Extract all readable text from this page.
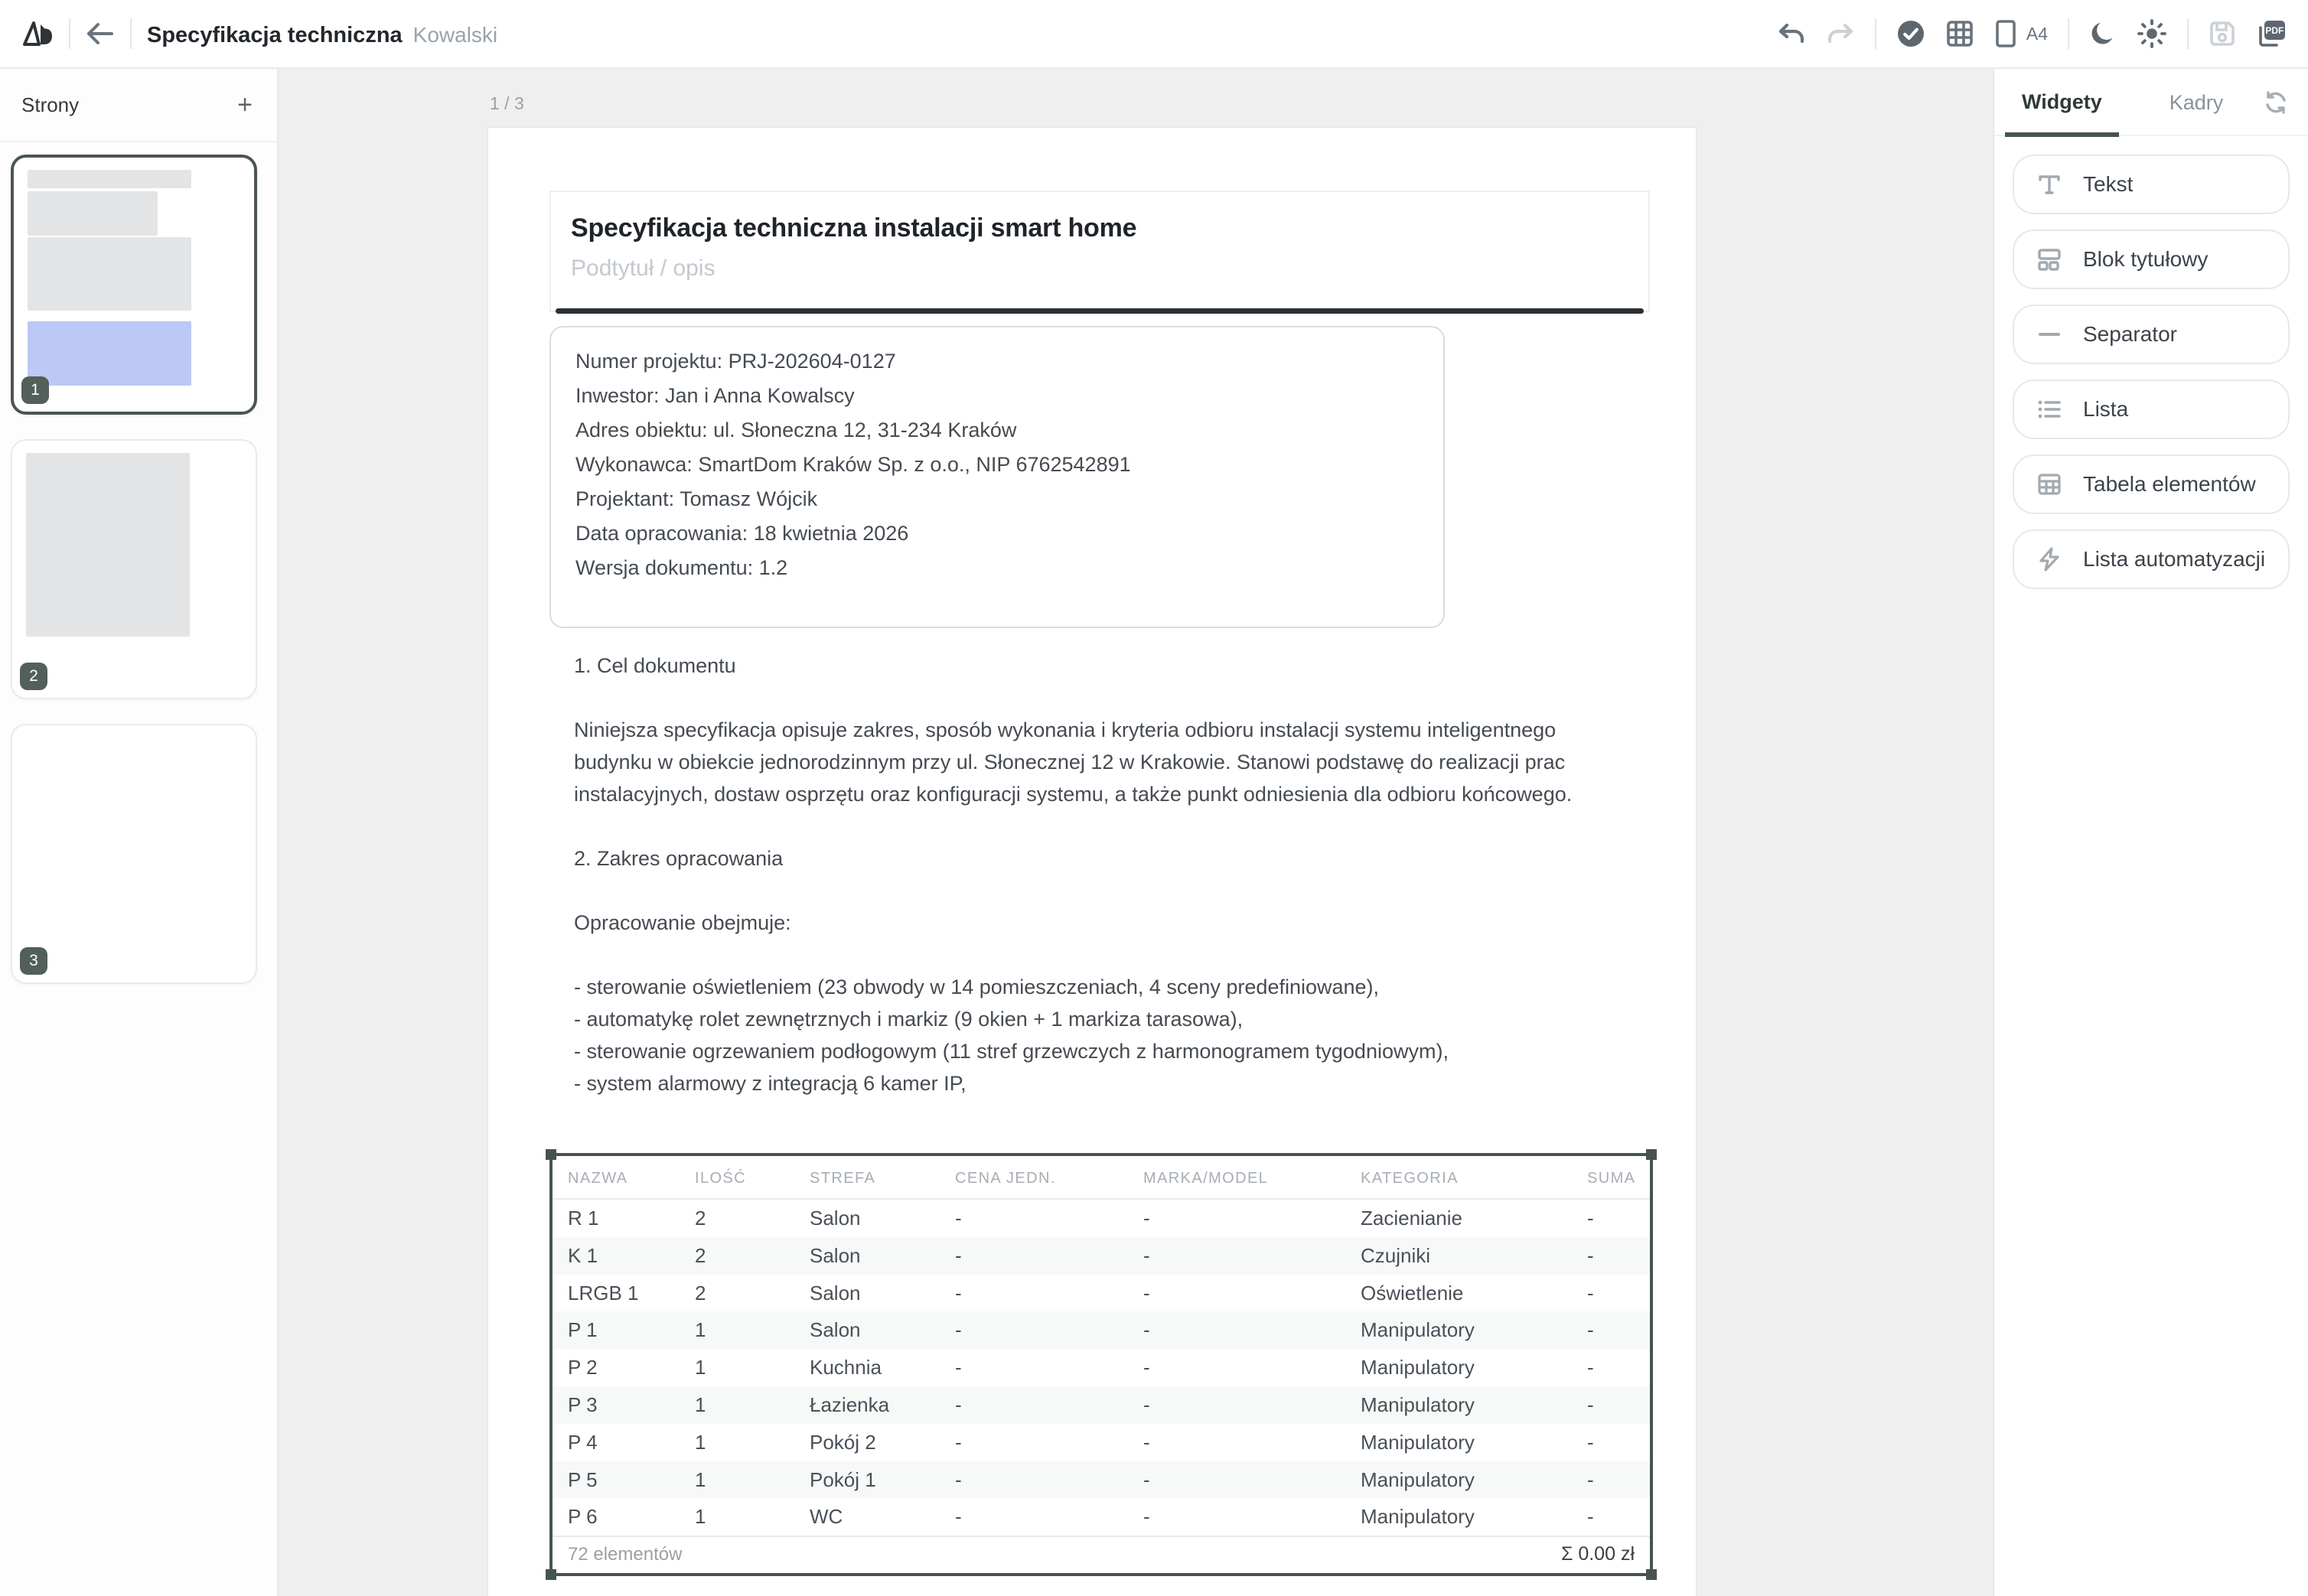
Specyfikacja techniczna Kowalski	A4	PDF
Strony	+
1
2
3
1 / 3
Specyfikacja techniczna instalacji smart home
Podtytuł / opis
Numer projektu: PRJ-202604-0127
Inwestor: Jan i Anna Kowalscy
Adres obiektu: ul. Słoneczna 12, 31-234 Kraków
Wykonawca: SmartDom Kraków Sp. z o.o., NIP 6762542891
Projektant: Tomasz Wójcik
Data opracowania: 18 kwietnia 2026
Wersja dokumentu: 1.2

1. Cel dokumentu

Niniejsza specyfikacja opisuje zakres, sposób wykonania i kryteria odbioru instalacji systemu inteligentnego budynku w obiekcie jednorodzinnym przy ul. Słonecznej 12 w Krakowie. Stanowi podstawę do realizacji prac instalacyjnych, dostaw osprzętu oraz konfiguracji systemu, a także punkt odniesienia dla odbioru końcowego.

2. Zakres opracowania

Opracowanie obejmuje:

- sterowanie oświetleniem (23 obwody w 14 pomieszczeniach, 4 sceny predefiniowane),

- automatykę rolet zewnętrznych i markiz (9 okien + 1 markiza tarasowa),

- sterowanie ogrzewaniem podłogowym (11 stref grzewczych z harmonogramem tygodniowym),

- system alarmowy z integracją 6 kamer IP,

NAZWA	ILOŚĆ	STREFA	CENA JEDN.	MARKA/MODEL	KATEGORIA	SUMA
R 1	2	Salon	-	-	Zacienianie	-
K 1	2	Salon	-	-	Czujniki	-
LRGB 1	2	Salon	-	-	Oświetlenie	-
P 1	1	Salon	-	-	Manipulatory	-
P 2	1	Kuchnia	-	-	Manipulatory	-
P 3	1	Łazienka	-	-	Manipulatory	-
P 4	1	Pokój 2	-	-	Manipulatory	-
P 5	1	Pokój 1	-	-	Manipulatory	-
P 6	1	WC	-	-	Manipulatory	-
72 elementów	Σ 0.00 zł
Widgety	Kadry
Tekst
Blok tytułowy
Separator
Lista
Tabela elementów
Lista automatyzacji
